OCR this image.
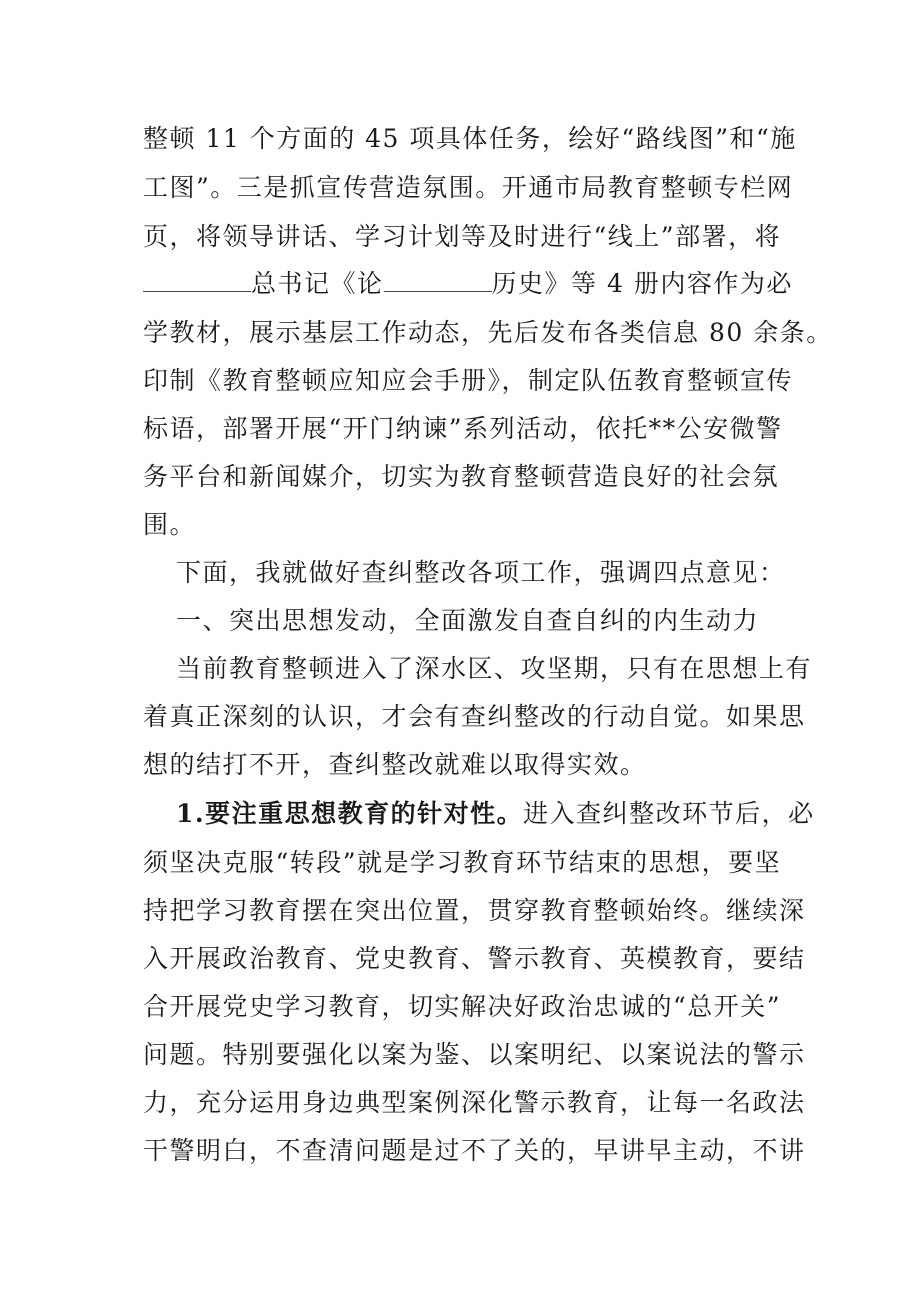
整顿 11 个方面的 45 项具体任务，绘好“路线图”和“施
工图”。三是抓宣传营造氛围。开通市局教育整顿专栏网
页，将领导讲话、学习计划等及时进行“线上”部署，将
总书记《论	历史》等 4 册内容作为必
学教材，展示基层工作动态，先后发布各类信息 80 余条。
印制《教育整顿应知应会手册》，制定队伍教育整顿宣传
标语，部署开展“开门纳谏”系列活动，依托**公安微警
务平台和新闻媒介，切实为教育整顿营造良好的社会氛
围。
下面，我就做好查纠整改各项工作，强调四点意见：
一、突出思想发动，全面激发自查自纠的内生动力
当前教育整顿进入了深水区、攻坚期，只有在思想上有
着真正深刻的认识，才会有查纠整改的行动自觉。如果思
想的结打不开，查纠整改就难以取得实效。
1.要注重思想教育的针对性。进入查纠整改环节后，必
须坚决克服“转段”就是学习教育环节结束的思想，要坚
持把学习教育摆在突出位置，贯穿教育整顿始终。继续深
入开展政治教育、党史教育、警示教育、英模教育，要结
合开展党史学习教育，切实解决好政治忠诚的“总开关”
问题。特别要强化以案为鉴、以案明纪、以案说法的警示
力，充分运用身边典型案例深化警示教育，让每一名政法
干警明白，不查清问题是过不了关的，早讲早主动，不讲
